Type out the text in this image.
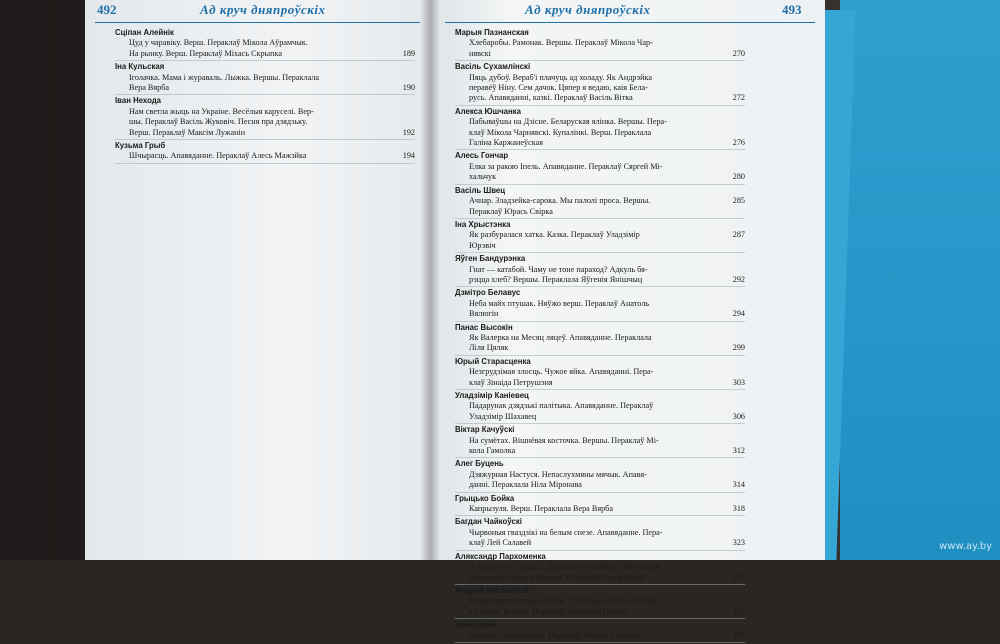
492	Ад круч дняпроўскіх
Сціпан Алейнік
Цуд у чарaвіку. Верш. Пераклаў Мікола Аўрамчык.
На рынку. Верш. Пераклаў Міхась Скрыпка	189
Іна Кульская
Іголачка. Мама і жураваль. Лыжка. Вершы. Пераклала
Вера Вярба	190
Іван Нехода
Нам светла жыць на Украіне. Весёлыя каруселі. Вер-
шы. Пераклаў Васіль Жуковіч. Песня пра дзядзьку.
Верш. Пераклаў Максім Лужанін	192
Кузьма Грыб
Шчырасць. Апавяданне. Пераклаў Алесь Мажэйка	194
Ад круч дняпроўскіх	493
Марыя Пазнанская
Хлебаробы. Рамонак. Вершы. Пераклаў Мікола Чар-
нявскі	270
Васіль Сухамлінскі
Пяць дубоў. Вераб'і плачуць ад холаду. Як Андрэйка
перавёў Ніну. Сем дачок. Цяпер я ведаю, каія Бела-
русь. Апавяданні, казкі. Пераклаў Васіль Вітка	272
Алекса Юшчанка
Пабываўшы на Дзісне. Беларуская ялінка. Вершы. Пера-
клаў Мікола Чарнявскі. Купалінкі. Верш. Пераклала
Галіна Каржанеўская	276
Алесь Гончар
Елка за ракою Іпель. Апавяданне. Пераклаў Сяргей Мі-
хальчук	280
Васіль Швец
Ачнар. Зладзейка-сарока. Мы палолі прoса. Вершы.	285
Пераклаў Юрась Свірка
Іна Хрыстэнка
Як разбуралася хатка. Казка. Пераклаў Уладзімір	287
Юрэвіч
Яўген Бандурэнка
Гнат — катабой. Чаму не тоне параход? Адкуль бя-
рэцца хлеб? Вершы. Пераклала Яўгенія Янішчыц	292
Дзмітро Белавус
Неба майх птушак. Няўжо верш. Пераклаў Анатоль
Вялюгін	294
Панас Высокін
Як Валерка на Месяц ляцеў. Апавяданне. Пераклала
Ліля Цяляк	299
Юрый Старасценка
Незгрудзімая злосць. Чужое яйка. Апавяданні. Пера-
клаў Зінаіда Петрушэня	303
Уладзімір Каніевец
Падарунак дзядзькі палітыка. Апавяданне. Пераклаў
Уладзімір Шахавец	306
Віктар Качуўскі
На сумётах. Вішнёвая косточка. Вершы. Пераклаў Мі-
кола Гамолка	312
Алег Буцень
Дзяжурная Настуся. Непаслухмяны мячык. Апавя-
данні. Пераклала Ніла Міронава	314
Грыцько Бойка
Капрызуля. Верш. Пераклала Вера Вярба	318
Багдан Чайкоўскі
Чырвоныя гваздзікі на белым снезе. Апавяданне. Пера-
клаў Лей Салавей	323
Аляксандр Пархоменка
А на прoсе — росы… Дзетымам і Ясоўсам. На гародзе
сонкахоць капусту. Вершы. Пераклаў Рыгор Ясоеў	331
Андрэй Мясткоўскі
Коцік прычыняецца. Хтось. У зайчыка лапкі. Размова
з уходам. Вершы. Пераклаў Уладзімір Паўлаў	333
Іван Кірый
Выбоіна. Апавяданне. Пераклаў Мікола Гамолка	335
www.ay.by
